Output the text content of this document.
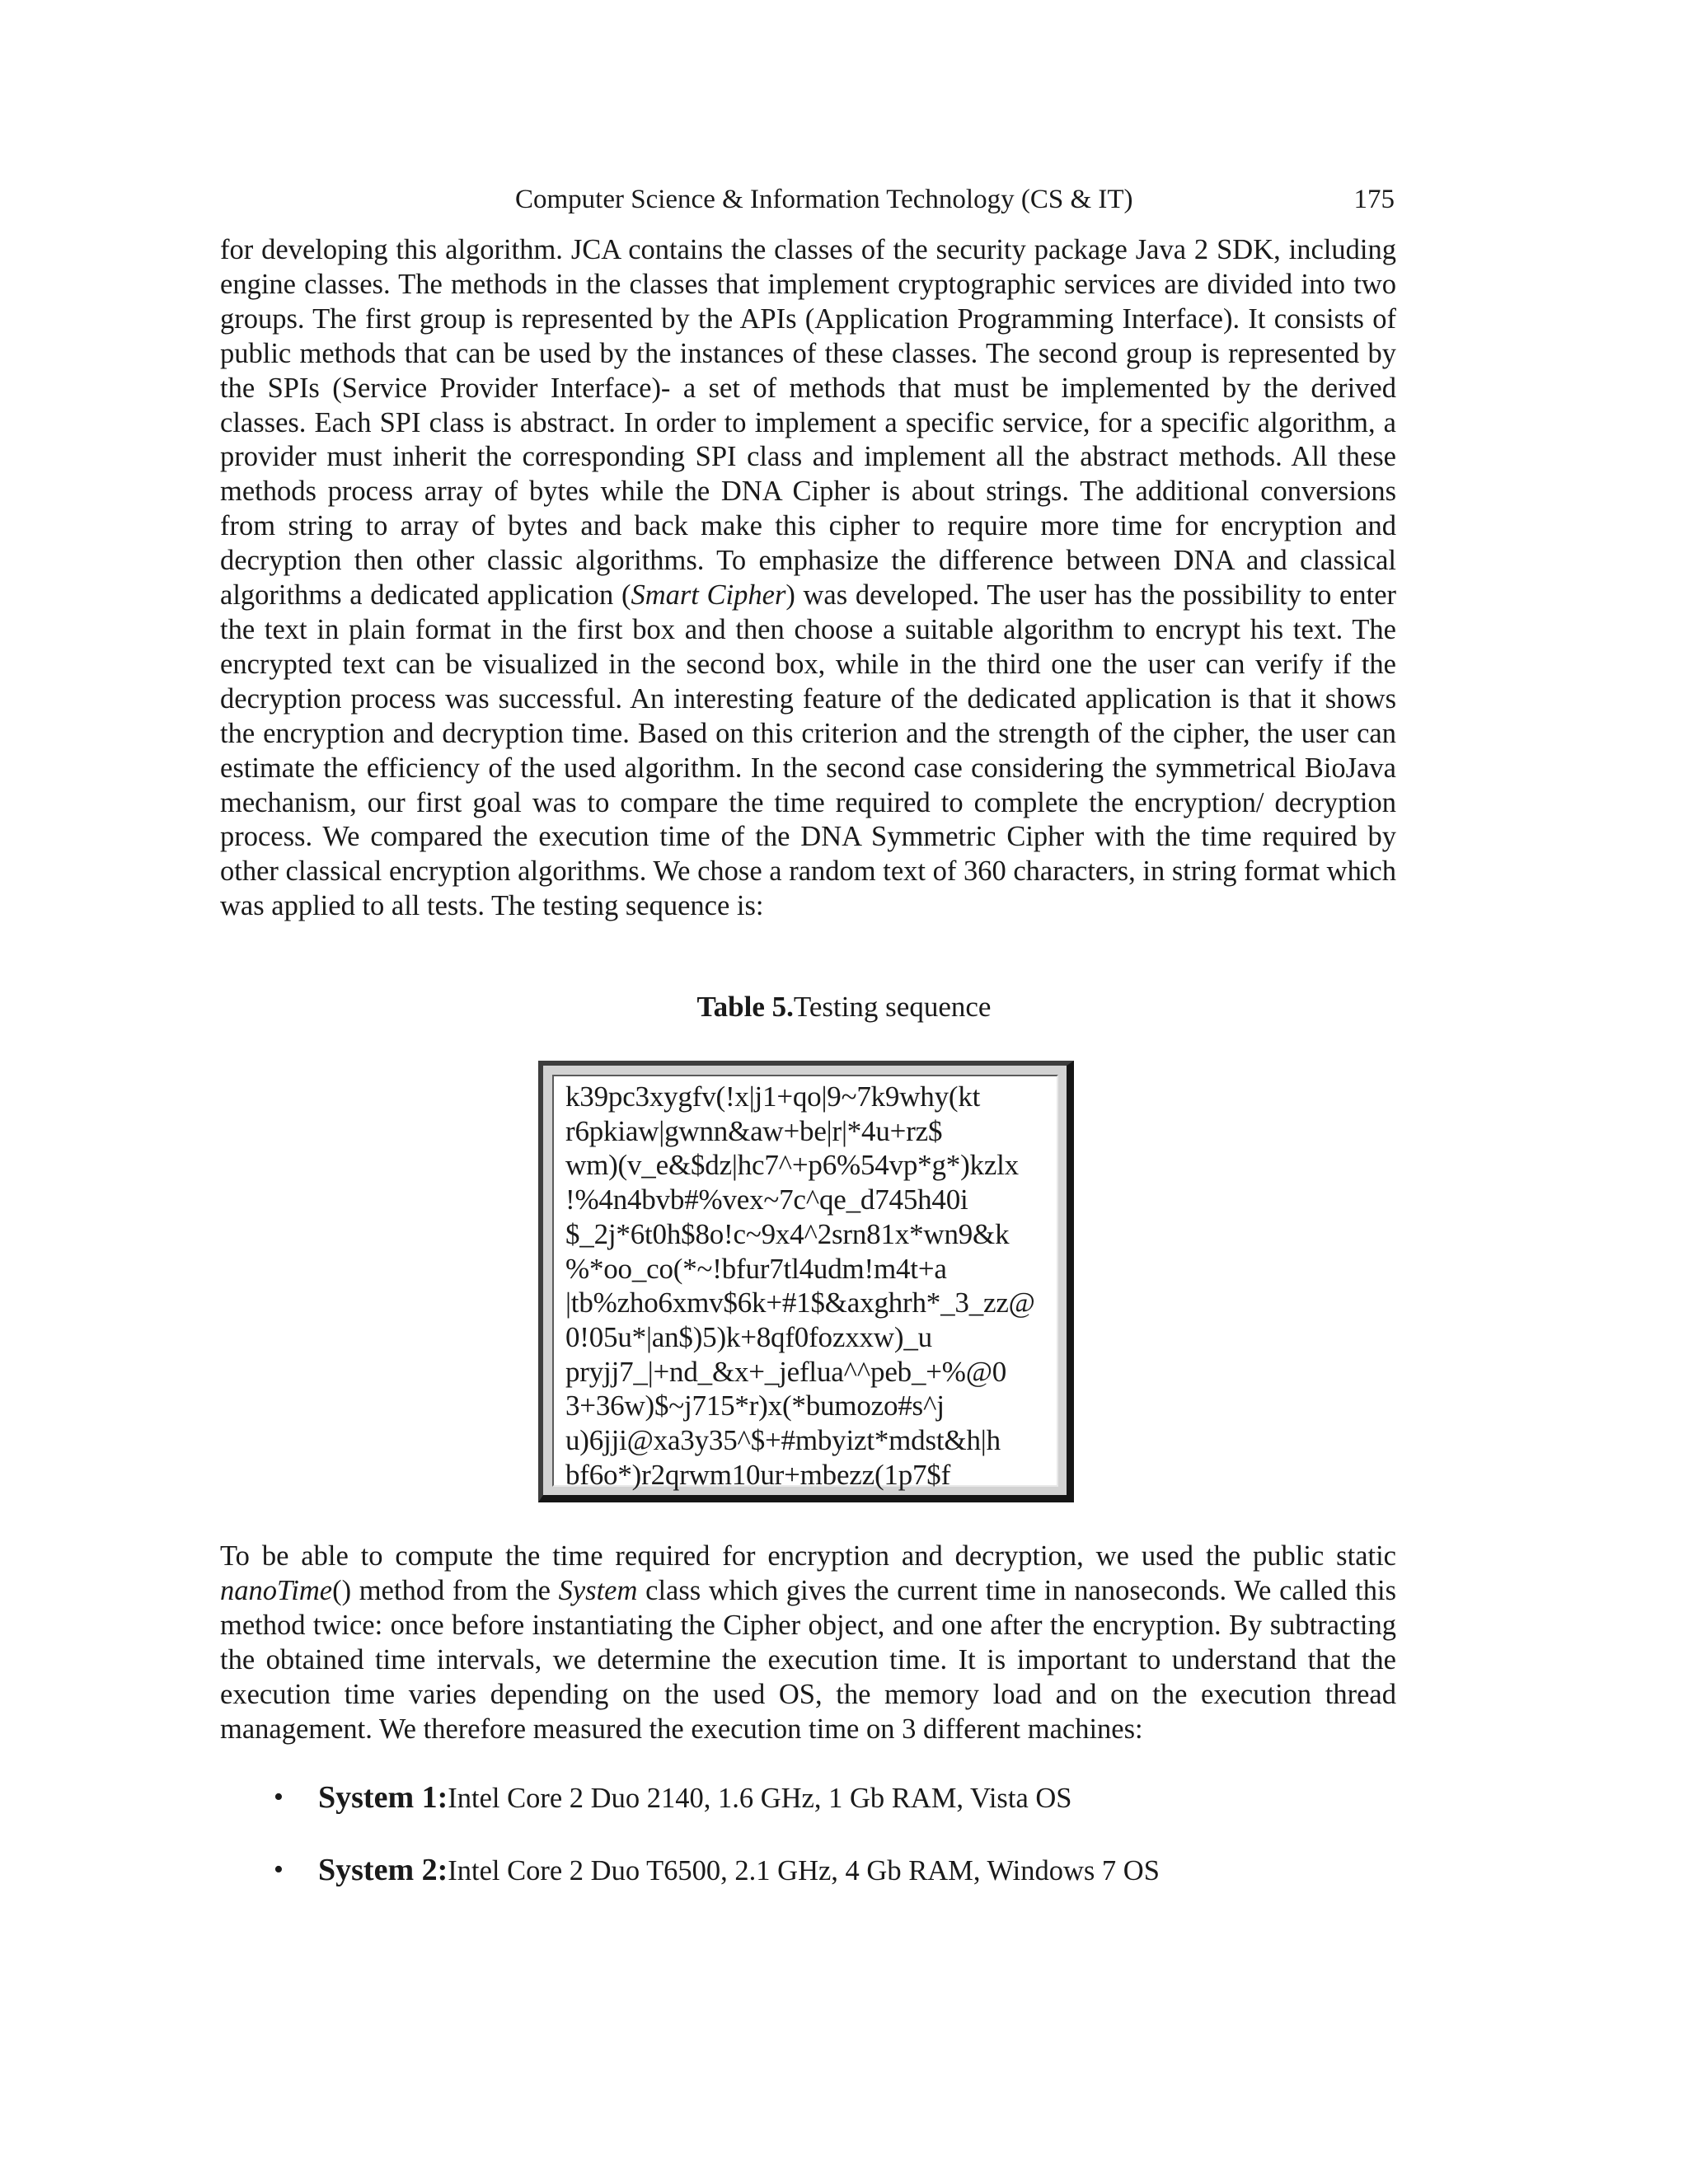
Computer Science & Information Technology (CS & IT)	175

for developing this algorithm. JCA contains the classes of the security package Java 2 SDK, including engine classes. The methods in the classes that implement cryptographic services are divided into two groups. The first group is represented by the APIs (Application Programming Interface). It consists of public methods that can be used by the instances of these classes. The second group is represented by the SPIs (Service Provider Interface)- a set of methods that must be implemented by the derived classes. Each SPI class is abstract. In order to implement a specific service, for a specific algorithm, a provider must inherit the corresponding SPI class and implement all the abstract methods. All these methods process array of bytes while the DNA Cipher is about strings. The additional conversions from string to array of bytes and back make this cipher to require more time for encryption and decryption then other classic algorithms. To emphasize the difference between DNA and classical algorithms a dedicated application (Smart Cipher) was developed. The user has the possibility to enter the text in plain format in the first box and then choose a suitable algorithm to encrypt his text. The encrypted text can be visualized in the second box, while in the third one the user can verify if the decryption process was successful. An interesting feature of the dedicated application is that it shows the encryption and decryption time. Based on this criterion and the strength of the cipher, the user can estimate the efficiency of the used algorithm. In the second case considering the symmetrical BioJava mechanism, our first goal was to compare the time required to complete the encryption/ decryption process. We compared the execution time of the DNA Symmetric Cipher with the time required by other classical encryption algorithms. We chose a random text of 360 characters, in string format which was applied to all tests. The testing sequence is:

Table 5.Testing sequence
k39pc3xygfv(!x|j1+qo|9~7k9why(kt
r6pkiaw|gwnn&aw+be|r|*4u+rz$
wm)(v_e&$dz|hc7^+p6%54vp*g*)kzlx
!%4n4bvb#%vex~7c^qe_d745h40i
$_2j*6t0h$8o!c~9x4^2srn81x*wn9&k
%*oo_co(*~!bfur7tl4udm!m4t+a
|tb%zho6xmv$6k+#1$&axghrh*_3_zz@
0!05u*|an$)5)k+8qf0fozxxw)_u
pryjj7_|+nd_&x+_jeflua^^peb_+%@0
3+36w)$~j715*r)x(*bumozo#s^j
u)6jji@xa3y35^$+#mbyizt*mdst&h|h
bf6o*)r2qrwm10ur+mbezz(1p7$f

To be able to compute the time required for encryption and decryption, we used the public static nanoTime() method from the System class which gives the current time in nanoseconds. We called this method twice: once before instantiating the Cipher object, and one after the encryption. By subtracting the obtained time intervals, we determine the execution time. It is important to understand that the execution time varies depending on the used OS, the memory load and on the execution thread management. We therefore measured the execution time on 3 different machines:

• System 1:Intel Core 2 Duo 2140, 1.6 GHz, 1 Gb RAM, Vista OS
• System 2:Intel Core 2 Duo T6500, 2.1 GHz, 4 Gb RAM, Windows 7 OS
